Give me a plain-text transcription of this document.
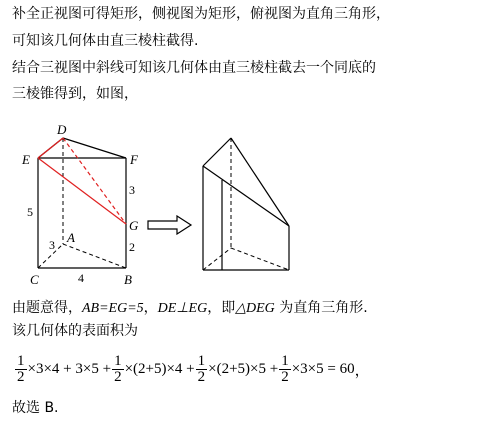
补全正视图可得矩形，侧视图为矩形，俯视图为直角三角形，
可知该几何体由直三棱柱截得.
结合三视图中斜线可知该几何体由直三棱柱截去一个同底的
三棱锥得到，如图，
D
E	F
G
A
B
C
3
2
5
3
4
由题意得，AB=EG=5，DE⊥EG，即△DEG 为直角三角形.
该几何体的表面积为
$\frac{1}{2} \times 3\times 4 + 3\times 5 + \frac{1}{2} \times(2+5)\times 4 + \frac{1}{2} \times(2+5)\times 5 + \frac{1}{2} \times 3\times 5 = 60$ ，
故选 B.
